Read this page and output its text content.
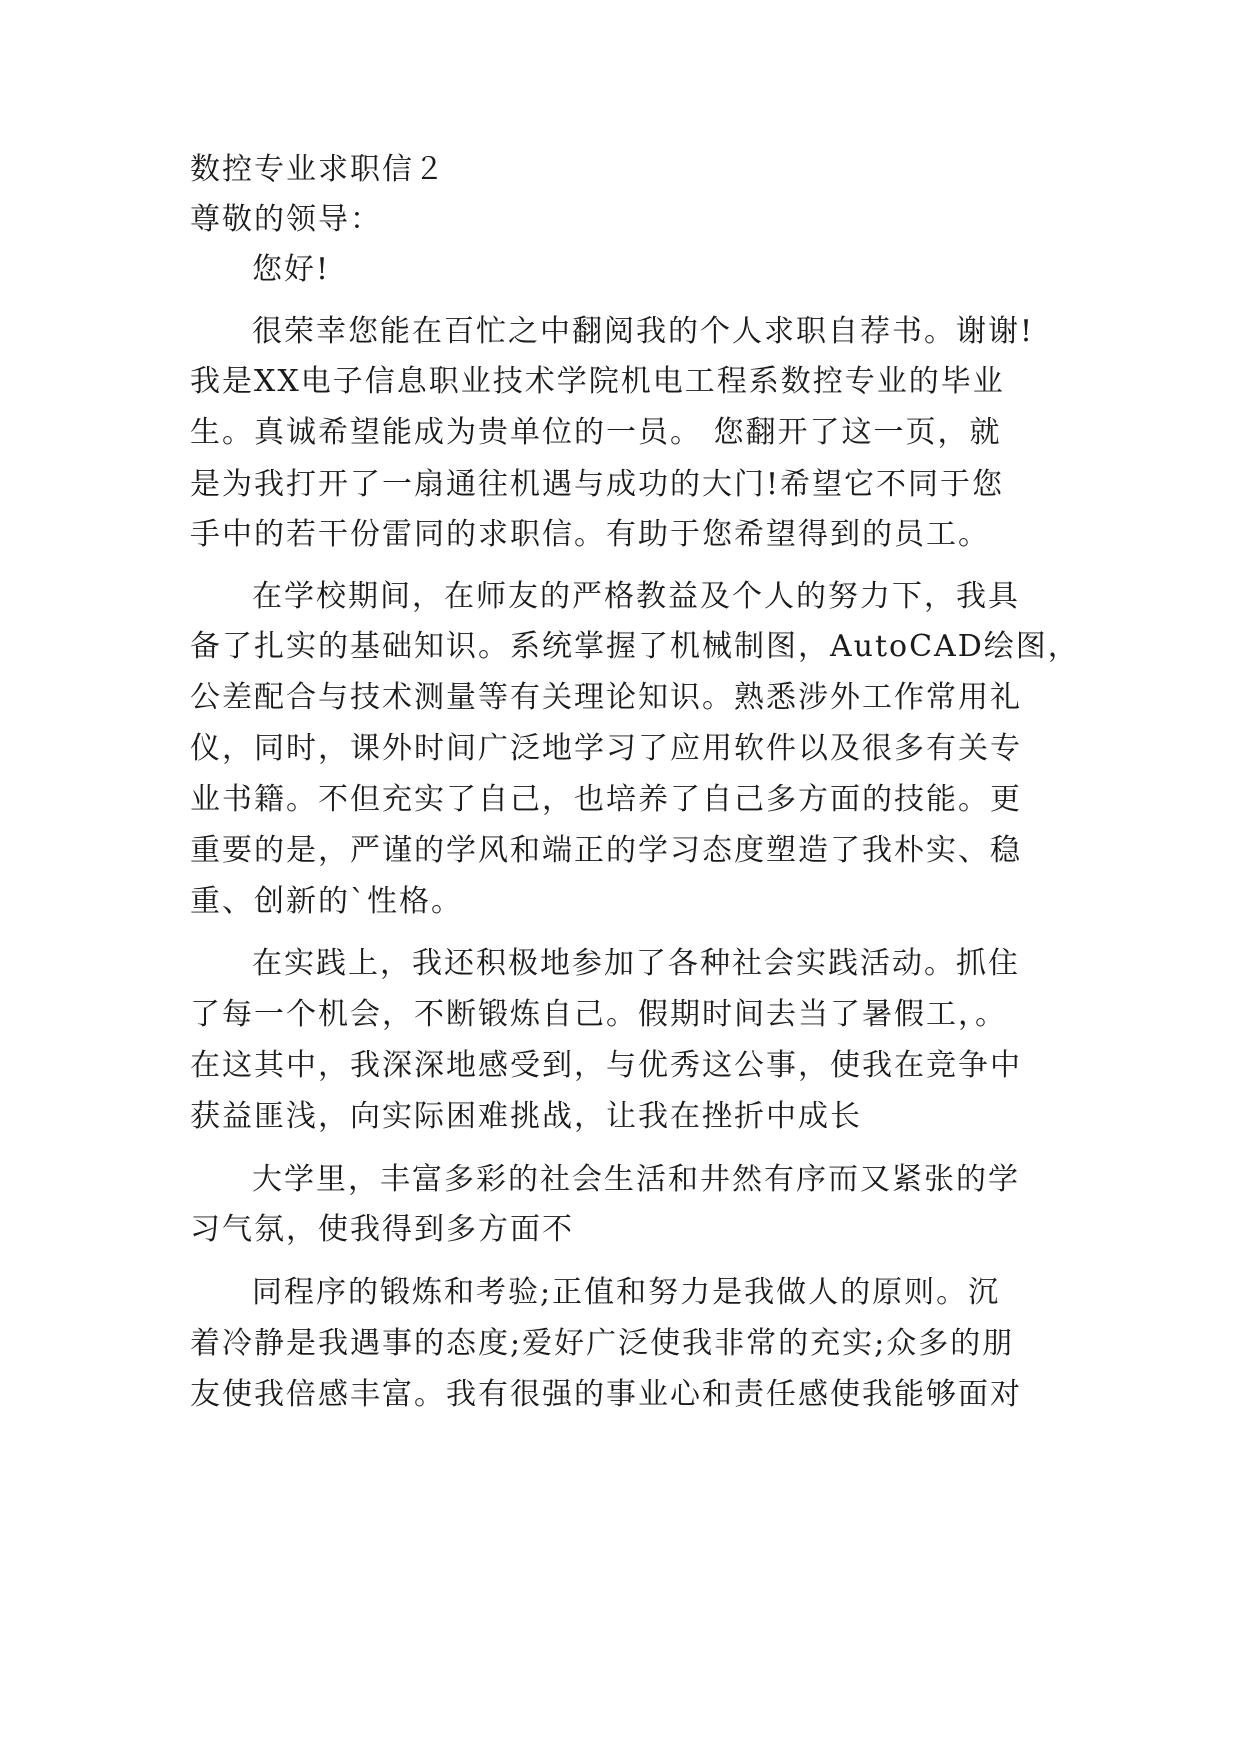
数控专业求职信２
尊敬的领导：
您好!
很荣幸您能在百忙之中翻阅我的个人求职自荐书。谢谢!
我是XX电子信息职业技术学院机电工程系数控专业的毕业
生。真诚希望能成为贵单位的一员。 您翻开了这一页，就
是为我打开了一扇通往机遇与成功的大门!希望它不同于您
手中的若干份雷同的求职信。有助于您希望得到的员工。
在学校期间，在师友的严格教益及个人的努力下，我具
备了扎实的基础知识。系统掌握了机械制图，AutoCAD绘图，
公差配合与技术测量等有关理论知识。熟悉涉外工作常用礼
仪，同时，课外时间广泛地学习了应用软件以及很多有关专
业书籍。不但充实了自己，也培养了自己多方面的技能。更
重要的是，严谨的学风和端正的学习态度塑造了我朴实、稳
重、创新的`性格。
在实践上，我还积极地参加了各种社会实践活动。抓住
了每一个机会，不断锻炼自己。假期时间去当了暑假工，。
在这其中，我深深地感受到，与优秀这公事，使我在竞争中
获益匪浅，向实际困难挑战，让我在挫折中成长
大学里，丰富多彩的社会生活和井然有序而又紧张的学
习气氛，使我得到多方面不
同程序的锻炼和考验;正值和努力是我做人的原则。沉
着冷静是我遇事的态度;爱好广泛使我非常的充实;众多的朋
友使我倍感丰富。我有很强的事业心和责任感使我能够面对
